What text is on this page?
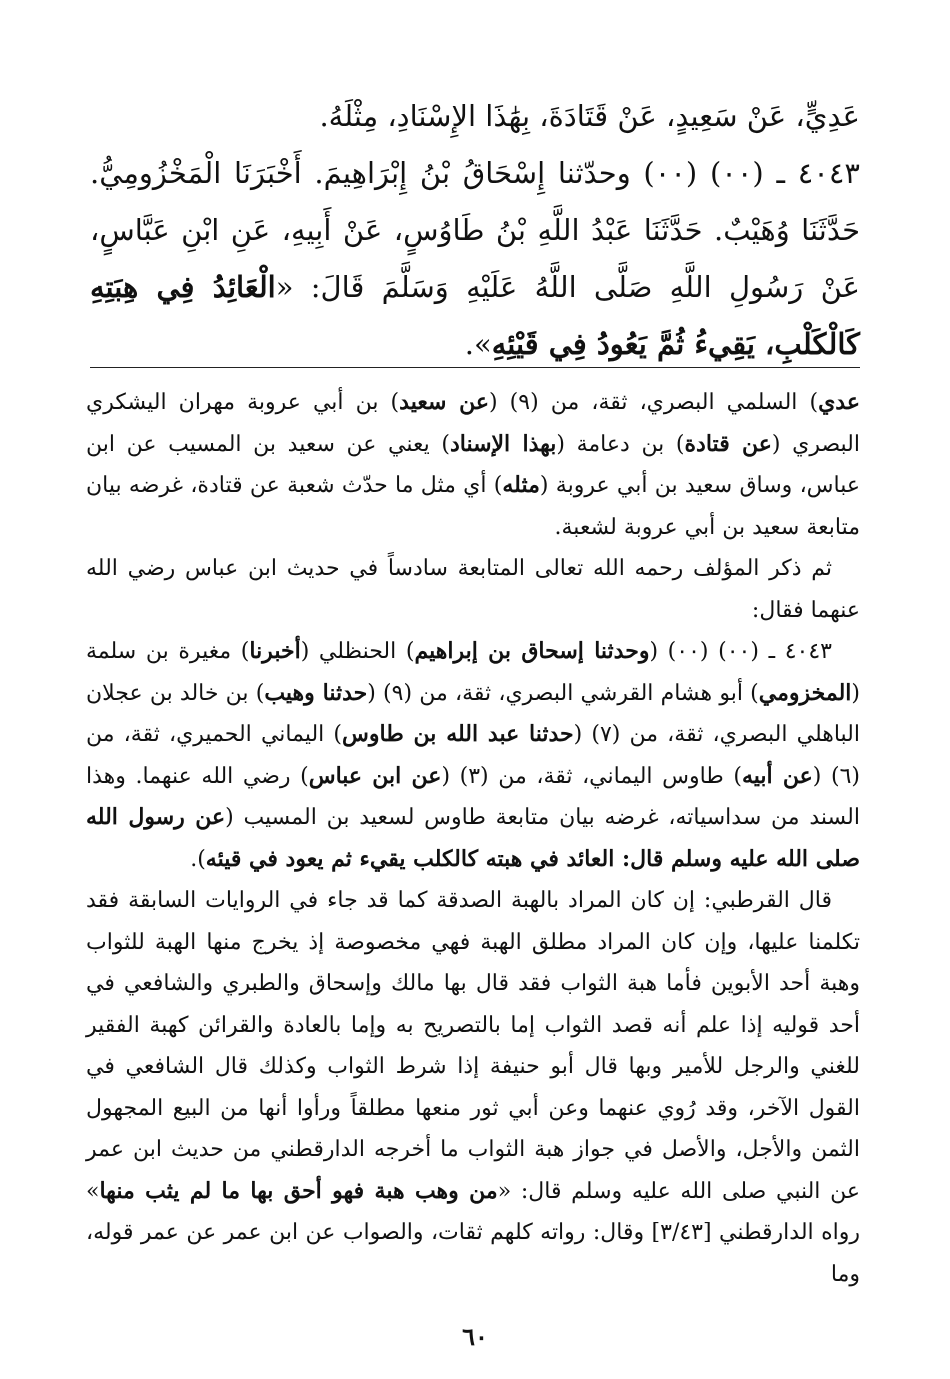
عَدِيٍّ، عَنْ سَعِيدٍ، عَنْ قَتَادَةَ، بِهَٰذَا الإِسْنَادِ، مِثْلَهُ.

٤٠٤٣ ـ (٠٠) (٠٠) وحدّثنا إِسْحَاقُ بْنُ إِبْرَاهِيمَ. أَخْبَرَنَا الْمَخْزُومِيُّ. حَدَّثَنَا وُهَيْبٌ. حَدَّثَنَا عَبْدُ اللَّهِ بْنُ طَاوُسٍ، عَنْ أَبِيهِ، عَنِ ابْنِ عَبَّاسٍ، عَنْ رَسُولِ اللَّهِ صَلَّى اللَّهُ عَلَيْهِ وَسَلَّمَ قَالَ: «الْعَائِدُ فِي هِبَتِهِ كَالْكَلْبِ، يَقِيءُ ثُمَّ يَعُودُ فِي قَيْئِهِ».

عدي) السلمي البصري، ثقة، من (٩) (عن سعيد) بن أبي عروبة مهران اليشكري البصري (عن قتادة) بن دعامة (بهذا الإسناد) يعني عن سعيد بن المسيب عن ابن عباس، وساق سعيد بن أبي عروبة (مثله) أي مثل ما حدّث شعبة عن قتادة، غرضه بيان متابعة سعيد بن أبي عروبة لشعبة.

ثم ذكر المؤلف رحمه الله تعالى المتابعة سادساً في حديث ابن عباس رضي الله عنهما فقال:

٤٠٤٣ ـ (٠٠) (٠٠) (وحدثنا إسحاق بن إبراهيم) الحنظلي (أخبرنا) مغيرة بن سلمة (المخزومي) أبو هشام القرشي البصري، ثقة، من (٩) (حدثنا وهيب) بن خالد بن عجلان الباهلي البصري، ثقة، من (٧) (حدثنا عبد الله بن طاوس) اليماني الحميري، ثقة، من (٦) (عن أبيه) طاوس اليماني، ثقة، من (٣) (عن ابن عباس) رضي الله عنهما. وهذا السند من سداسياته، غرضه بيان متابعة طاوس لسعيد بن المسيب (عن رسول الله صلى الله عليه وسلم قال: العائد في هبته كالكلب يقيء ثم يعود في قيئه).

قال القرطبي: إن كان المراد بالهبة الصدقة كما قد جاء في الروايات السابقة فقد تكلمنا عليها، وإن كان المراد مطلق الهبة فهي مخصوصة إذ يخرج منها الهبة للثواب وهبة أحد الأبوين فأما هبة الثواب فقد قال بها مالك وإسحاق والطبري والشافعي في أحد قوليه إذا علم أنه قصد الثواب إما بالتصريح به وإما بالعادة والقرائن كهبة الفقير للغني والرجل للأمير وبها قال أبو حنيفة إذا شرط الثواب وكذلك قال الشافعي في القول الآخر، وقد رُوي عنهما وعن أبي ثور منعها مطلقاً ورأوا أنها من البيع المجهول الثمن والأجل، والأصل في جواز هبة الثواب ما أخرجه الدارقطني من حديث ابن عمر عن النبي صلى الله عليه وسلم قال: «من وهب هبة فهو أحق بها ما لم يثب منها» رواه الدارقطني [٣/٤٣] وقال: رواته كلهم ثقات، والصواب عن ابن عمر عن عمر قوله، وما

٦٠
